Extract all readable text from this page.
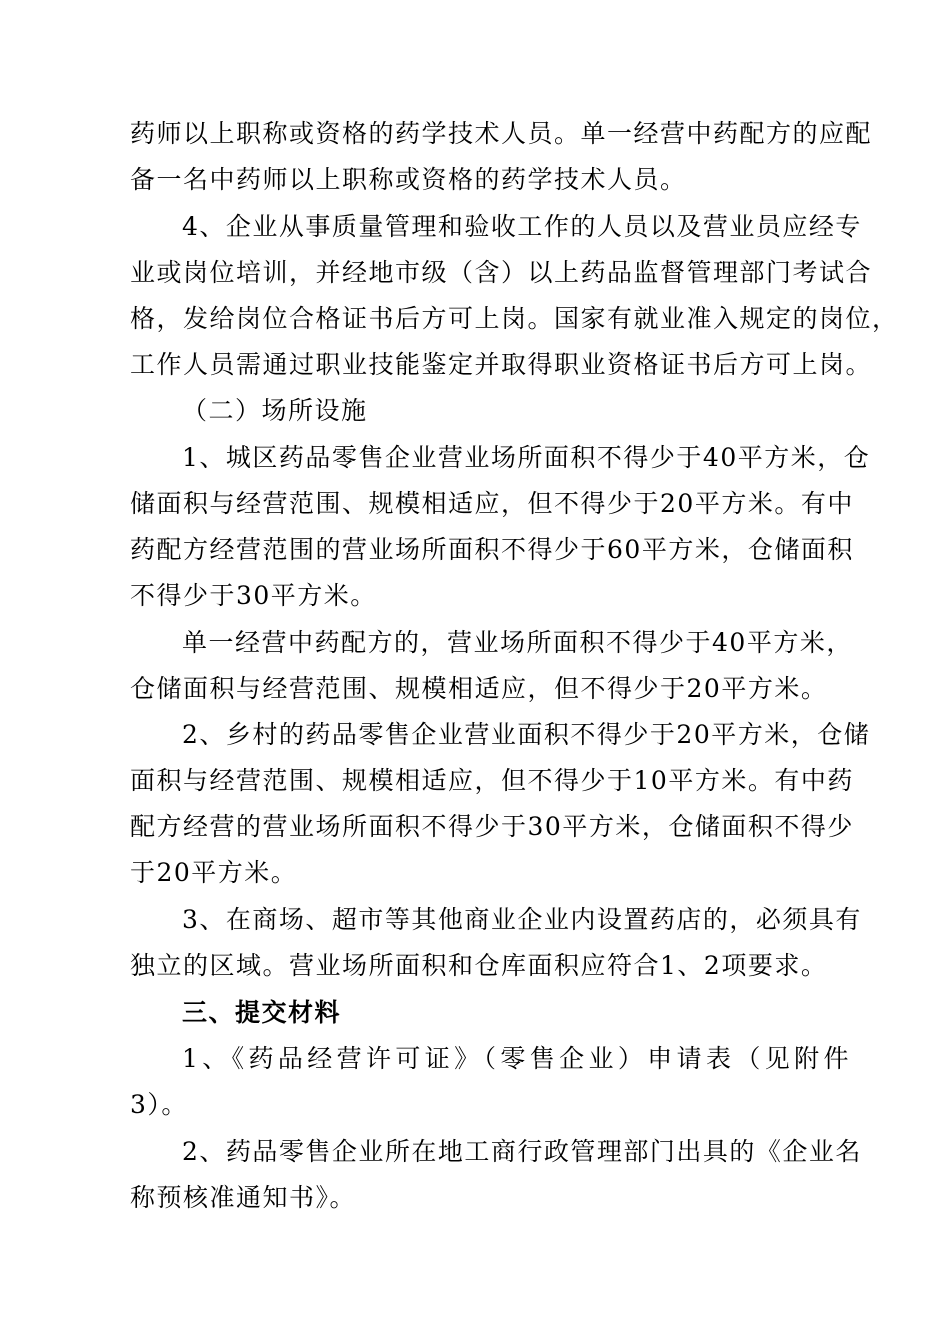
药师以上职称或资格的药学技术人员。单一经营中药配方的应配
备一名中药师以上职称或资格的药学技术人员。
4、企业从事质量管理和验收工作的人员以及营业员应经专
业或岗位培训，并经地市级（含）以上药品监督管理部门考试合
格，发给岗位合格证书后方可上岗。国家有就业准入规定的岗位，
工作人员需通过职业技能鉴定并取得职业资格证书后方可上岗。
（二）场所设施
1、城区药品零售企业营业场所面积不得少于40平方米，仓
储面积与经营范围、规模相适应，但不得少于20平方米。有中
药配方经营范围的营业场所面积不得少于60平方米，仓储面积
不得少于30平方米。
单一经营中药配方的，营业场所面积不得少于40平方米，
仓储面积与经营范围、规模相适应，但不得少于20平方米。
2、乡村的药品零售企业营业面积不得少于20平方米，仓储
面积与经营范围、规模相适应，但不得少于10平方米。有中药
配方经营的营业场所面积不得少于30平方米，仓储面积不得少
于20平方米。
3、在商场、超市等其他商业企业内设置药店的，必须具有
独立的区域。营业场所面积和仓库面积应符合1、2项要求。
三、提交材料
1、《药品经营许可证》（零售企业）申请表（见附件
3）。
2、药品零售企业所在地工商行政管理部门出具的《企业名
称预核准通知书》。
